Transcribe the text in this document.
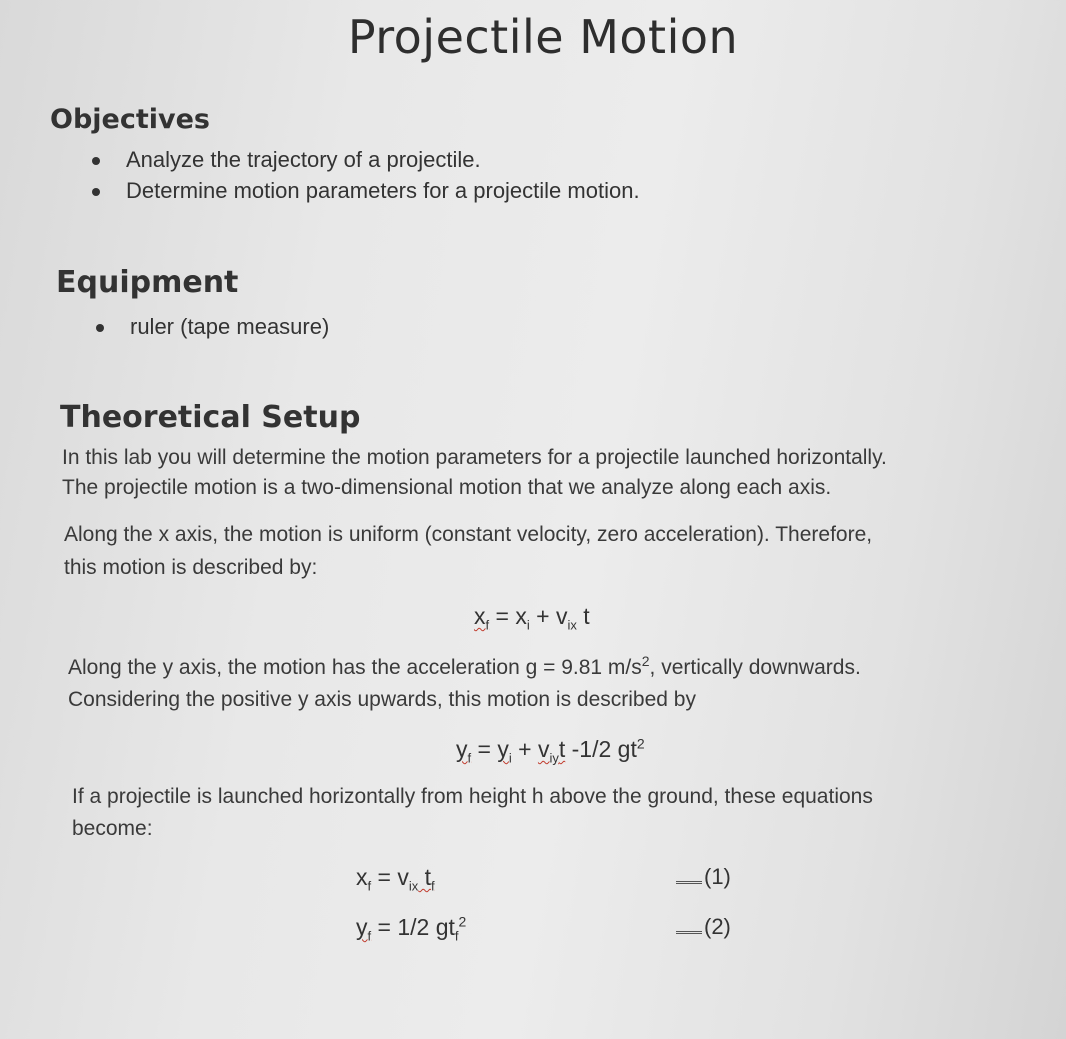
Projectile Motion
Objectives
Analyze the trajectory of a projectile.
Determine motion parameters for a projectile motion.
Equipment
ruler (tape measure)
Theoretical Setup
In this lab you will determine the motion parameters for a projectile launched horizontally.
The projectile motion is a two-dimensional motion that we analyze along each axis.
Along the x axis, the motion is uniform (constant velocity, zero acceleration). Therefore,
this motion is described by:
$x_f = x_i + v_{ix}$ t
Along the y axis, the motion has the acceleration g = 9.81 $m/s^2$, vertically downwards.
Considering the positive y axis upwards, this motion is described by
$y_f = y_i + v_{iy}t$ -1/2 $gt^2$
If a projectile is launched horizontally from height h above the ground, these equations
become:
$x_f = v_{ix}$ $t_f$	(1)
$y_f = 1/2$ $gt_f^2$	(2)
